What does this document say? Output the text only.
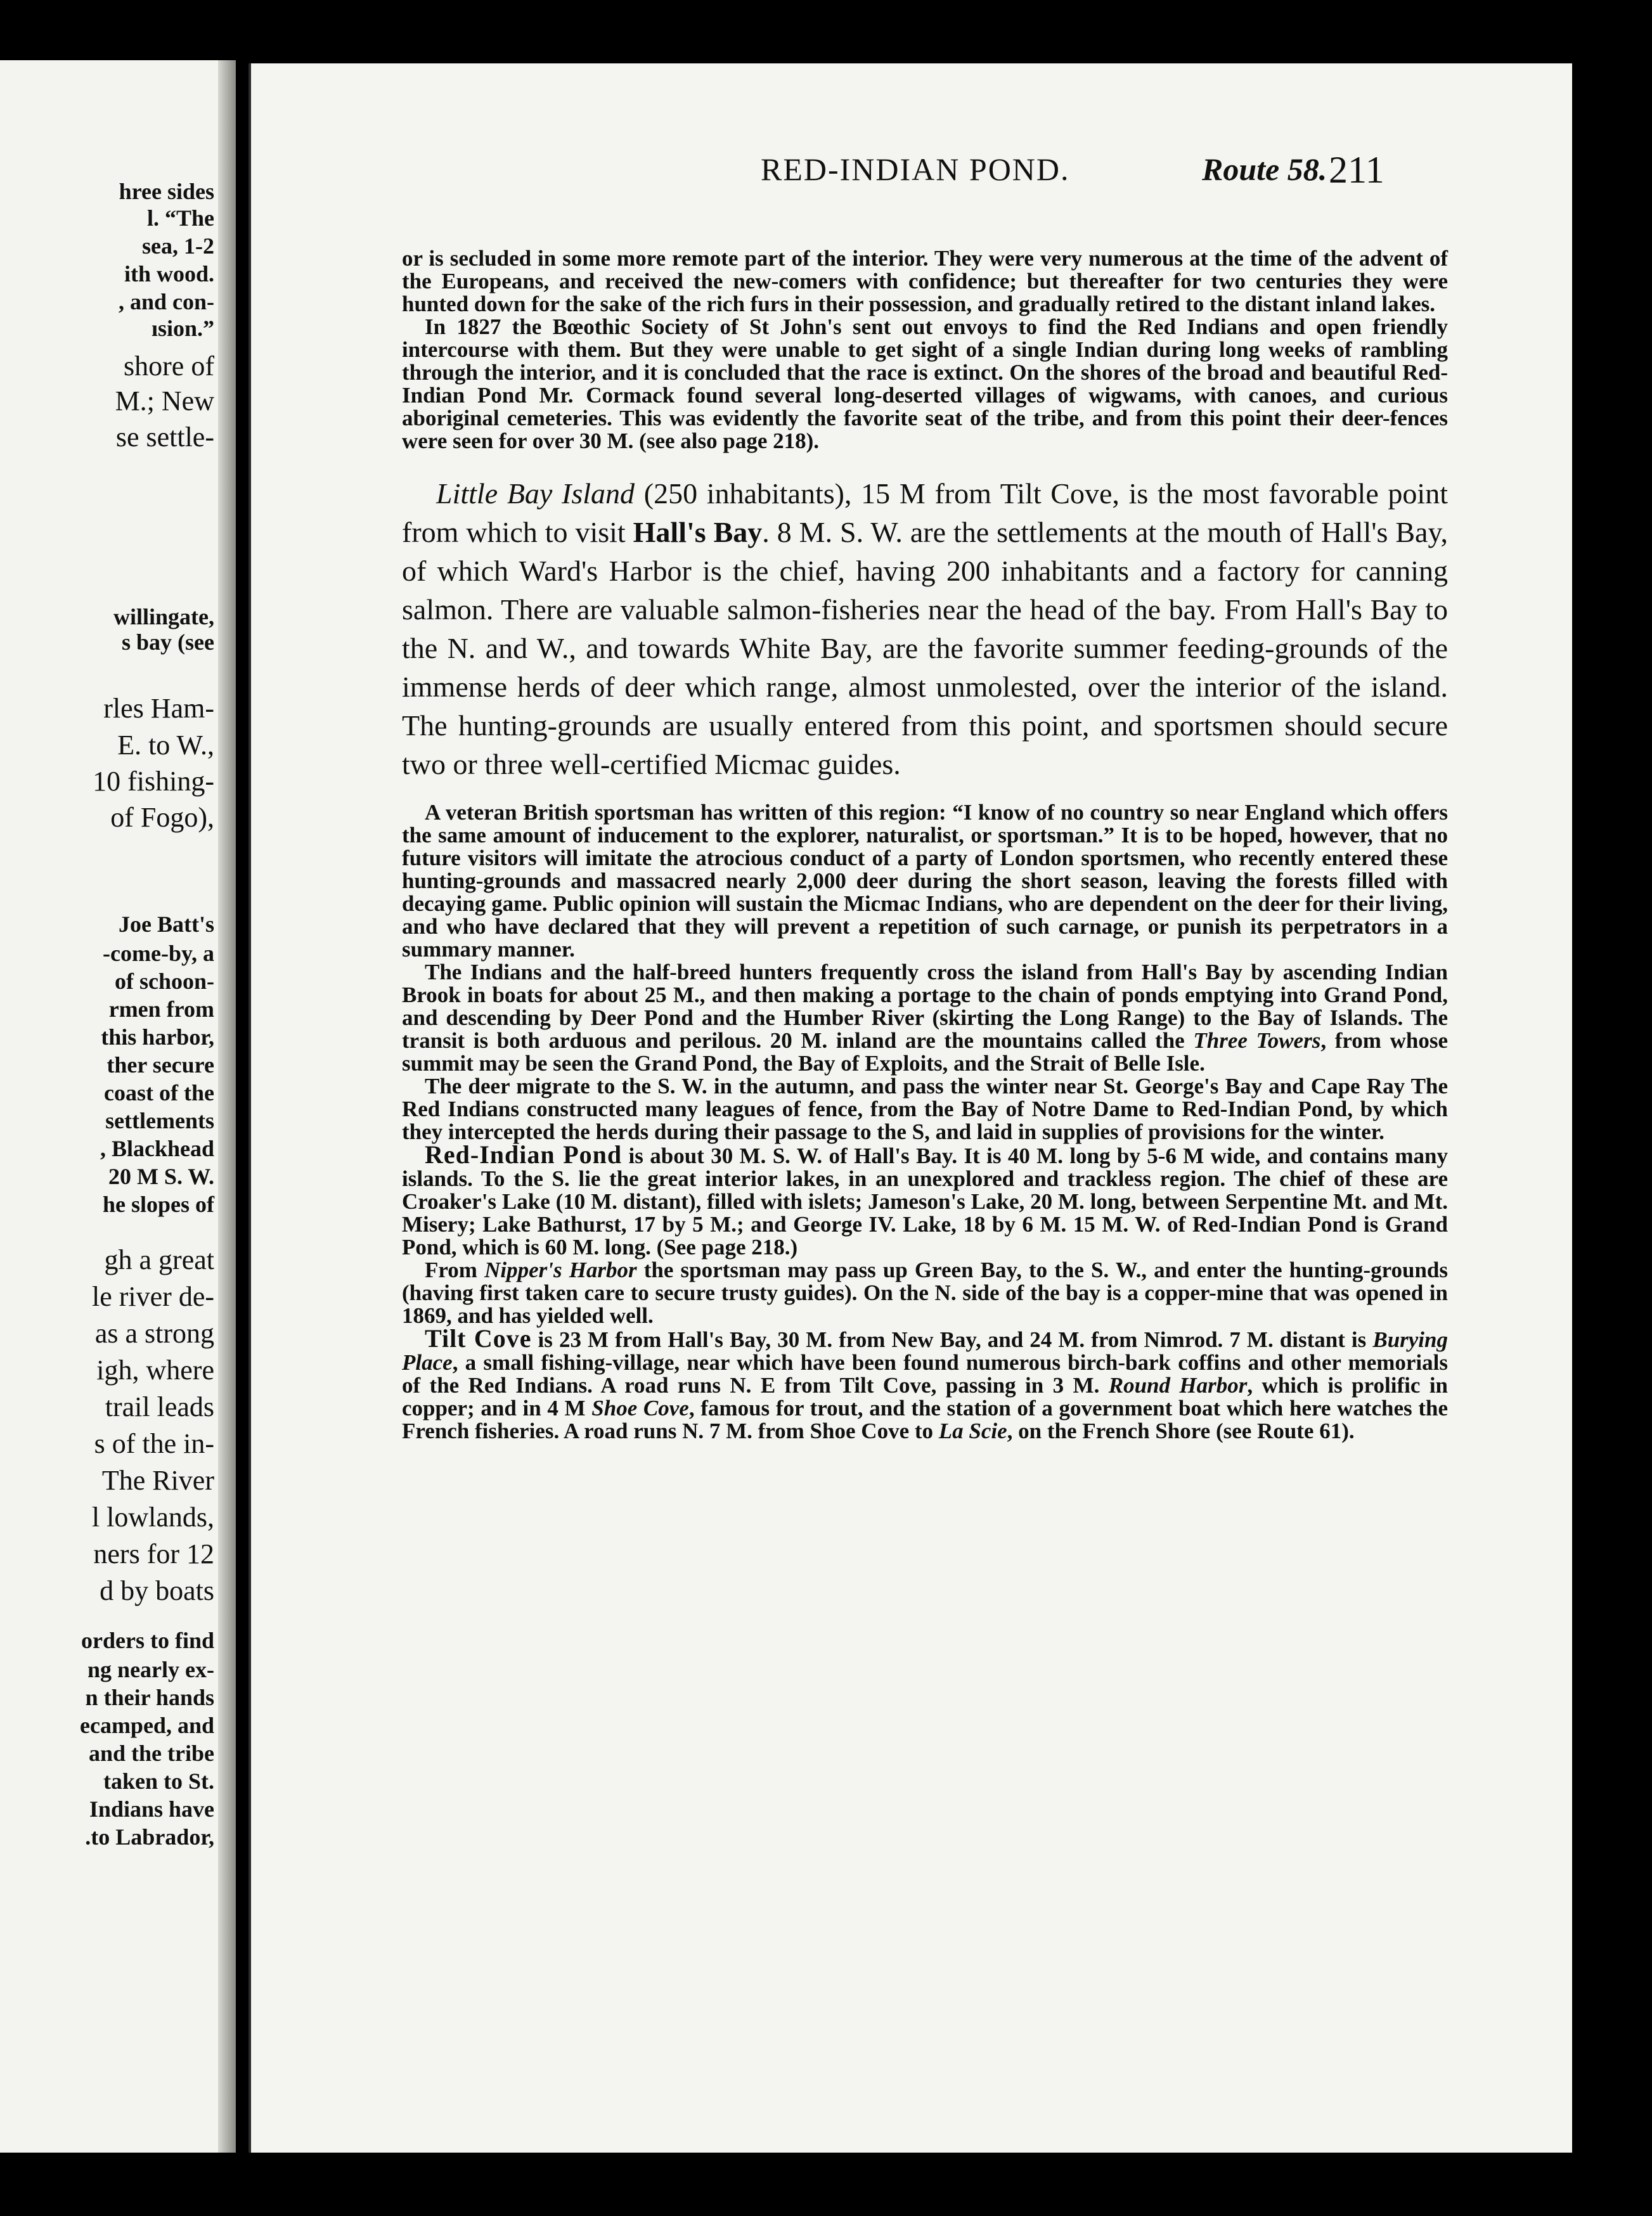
hree sides
l. “The
sea, 1-2
ith wood.
, and con-
ısion.”
shore of
M.; New
se settle-
willingate,
s bay (see
rles Ham-
E. to W.,
10 fishing-
of Fogo),
Joe Batt's
-come-by, a
of schoon-
rmen from
this harbor,
ther secure
coast of the
settlements
, Blackhead
20 M S. W.
he slopes of
gh a great
le river de-
as a strong
igh, where
trail leads
s of the in-
The River
l lowlands,
ners for 12
d by boats
orders to find
ng nearly ex-
n their hands
ecamped, and
and the tribe
taken to St.
Indians have
.to Labrador,
RED-INDIAN POND.	Route 58. 211

or is secluded in some more remote part of the interior. They were very numerous at the time of the advent of the Europeans, and received the new-comers with confidence; but thereafter for two centuries they were hunted down for the sake of the rich furs in their possession, and gradually retired to the distant inland lakes.

In 1827 the Bœothic Society of St John's sent out envoys to find the Red Indians and open friendly intercourse with them. But they were unable to get sight of a single Indian during long weeks of rambling through the interior, and it is concluded that the race is extinct. On the shores of the broad and beautiful Red-Indian Pond Mr. Cormack found several long-deserted villages of wigwams, with canoes, and curious aboriginal cemeteries. This was evidently the favorite seat of the tribe, and from this point their deer-fences were seen for over 30 M. (see also page 218).

Little Bay Island (250 inhabitants), 15 M from Tilt Cove, is the most favorable point from which to visit Hall's Bay. 8 M. S. W. are the settlements at the mouth of Hall's Bay, of which Ward's Harbor is the chief, having 200 inhabitants and a factory for canning salmon. There are valuable salmon-fisheries near the head of the bay. From Hall's Bay to the N. and W., and towards White Bay, are the favorite summer feeding-grounds of the immense herds of deer which range, almost unmolested, over the interior of the island. The hunting-grounds are usually entered from this point, and sportsmen should secure two or three well-certified Micmac guides.

A veteran British sportsman has written of this region: “I know of no country so near England which offers the same amount of inducement to the explorer, naturalist, or sportsman.” It is to be hoped, however, that no future visitors will imitate the atrocious conduct of a party of London sportsmen, who recently entered these hunting-grounds and massacred nearly 2,000 deer during the short season, leaving the forests filled with decaying game. Public opinion will sustain the Micmac Indians, who are dependent on the deer for their living, and who have declared that they will prevent a repetition of such carnage, or punish its perpetrators in a summary manner.

The Indians and the half-breed hunters frequently cross the island from Hall's Bay by ascending Indian Brook in boats for about 25 M., and then making a portage to the chain of ponds emptying into Grand Pond, and descending by Deer Pond and the Humber River (skirting the Long Range) to the Bay of Islands. The transit is both arduous and perilous. 20 M. inland are the mountains called the Three Towers, from whose summit may be seen the Grand Pond, the Bay of Exploits, and the Strait of Belle Isle.

The deer migrate to the S. W. in the autumn, and pass the winter near St. George's Bay and Cape Ray The Red Indians constructed many leagues of fence, from the Bay of Notre Dame to Red-Indian Pond, by which they intercepted the herds during their passage to the S, and laid in supplies of provisions for the winter.

Red-Indian Pond is about 30 M. S. W. of Hall's Bay. It is 40 M. long by 5-6 M wide, and contains many islands. To the S. lie the great interior lakes, in an unexplored and trackless region. The chief of these are Croaker's Lake (10 M. distant), filled with islets; Jameson's Lake, 20 M. long, between Serpentine Mt. and Mt. Misery; Lake Bathurst, 17 by 5 M.; and George IV. Lake, 18 by 6 M. 15 M. W. of Red-Indian Pond is Grand Pond, which is 60 M. long. (See page 218.)

From Nipper's Harbor the sportsman may pass up Green Bay, to the S. W., and enter the hunting-grounds (having first taken care to secure trusty guides). On the N. side of the bay is a copper-mine that was opened in 1869, and has yielded well.

Tilt Cove is 23 M from Hall's Bay, 30 M. from New Bay, and 24 M. from Nimrod. 7 M. distant is Burying Place, a small fishing-village, near which have been found numerous birch-bark coffins and other memorials of the Red Indians. A road runs N. E from Tilt Cove, passing in 3 M. Round Harbor, which is prolific in copper; and in 4 M Shoe Cove, famous for trout, and the station of a government boat which here watches the French fisheries. A road runs N. 7 M. from Shoe Cove to La Scie, on the French Shore (see Route 61).
